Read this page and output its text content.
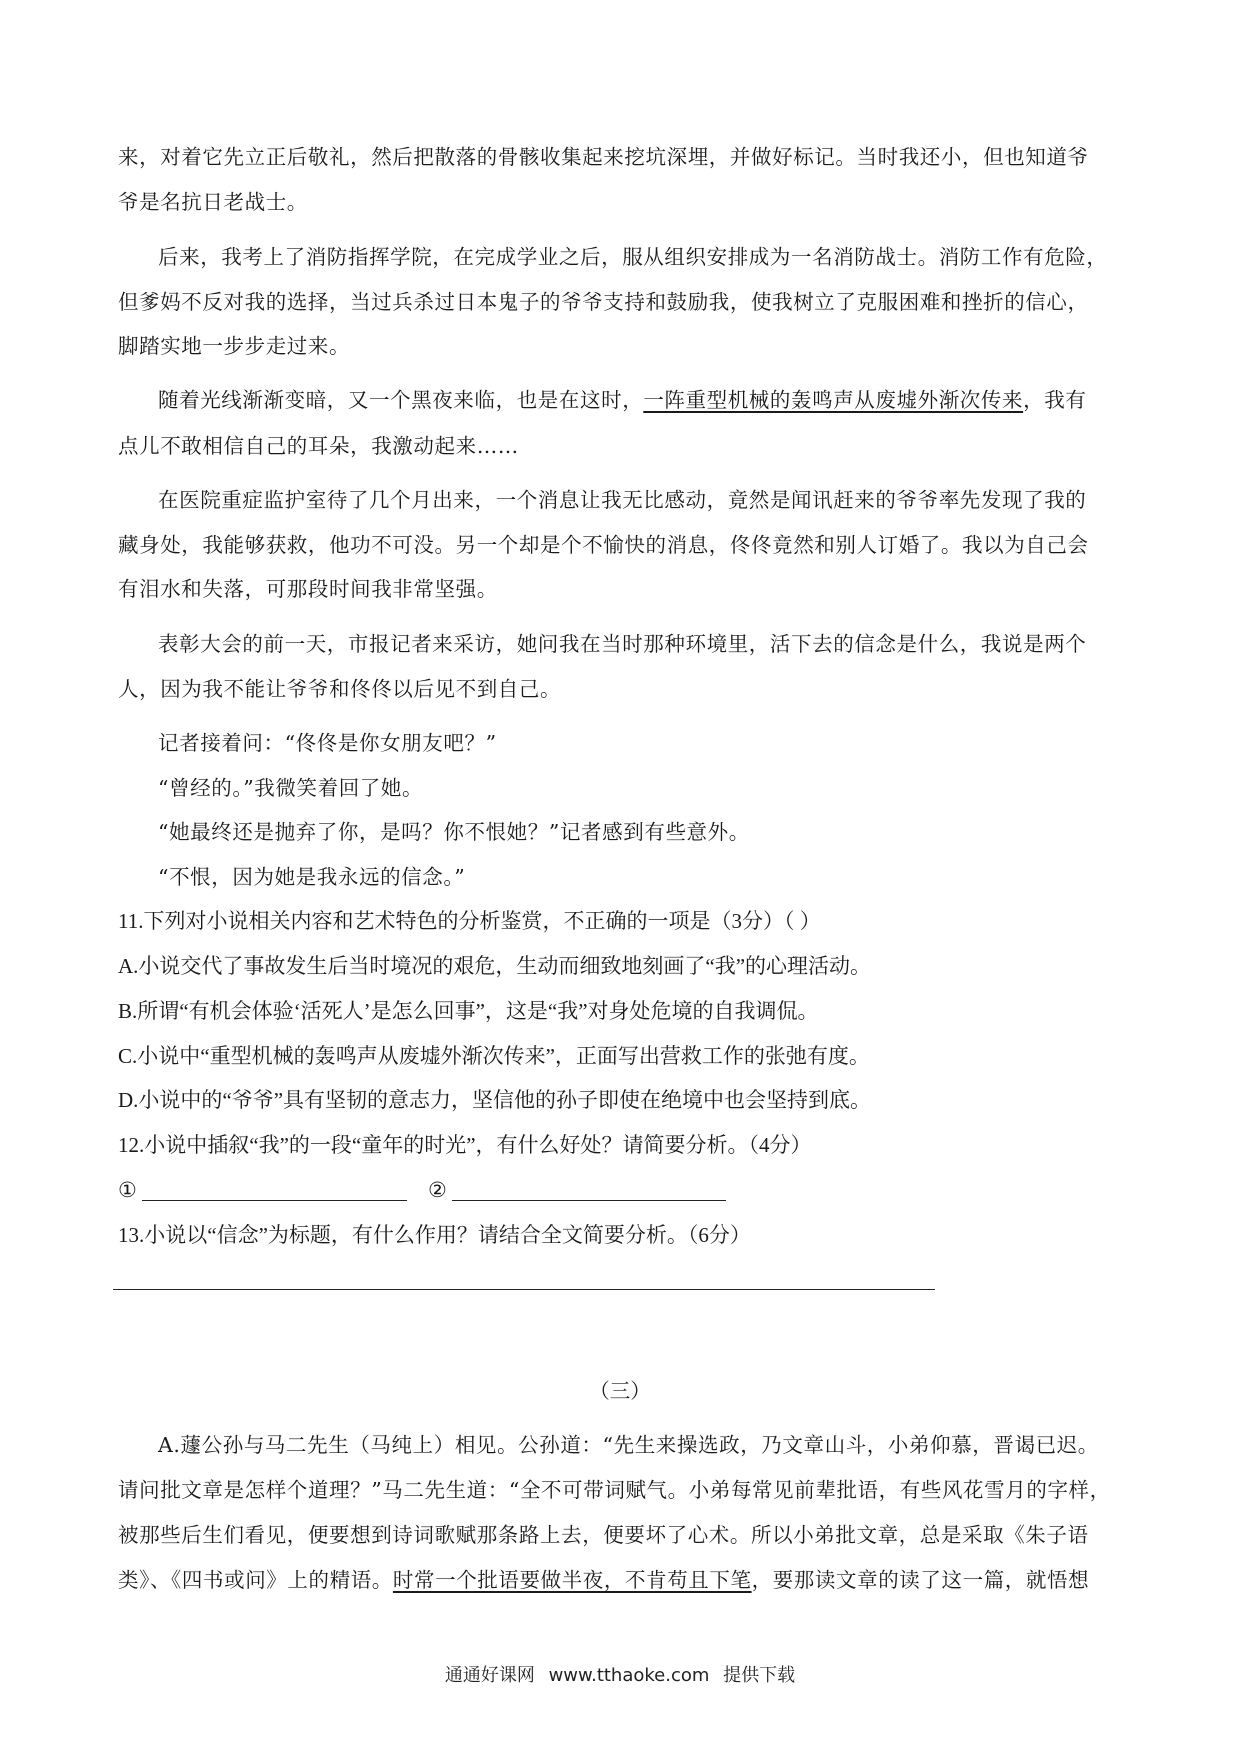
来，对着它先立正后敬礼，然后把散落的骨骸收集起来挖坑深埋，并做好标记。当时我还小，但也知道爷
爷是名抗日老战士。
后来，我考上了消防指挥学院，在完成学业之后，服从组织安排成为一名消防战士。消防工作有危险，
但爹妈不反对我的选择，当过兵杀过日本鬼子的爷爷支持和鼓励我，使我树立了克服困难和挫折的信心，
脚踏实地一步步走过来。
随着光线渐渐变暗，又一个黑夜来临，也是在这时，一阵重型机械的轰鸣声从废墟外渐次传来，我有
点儿不敢相信自己的耳朵，我激动起来……
在医院重症监护室待了几个月出来，一个消息让我无比感动，竟然是闻讯赶来的爷爷率先发现了我的
藏身处，我能够获救，他功不可没。另一个却是个不愉快的消息，佟佟竟然和别人订婚了。我以为自己会
有泪水和失落，可那段时间我非常坚强。
表彰大会的前一天，市报记者来采访，她问我在当时那种环境里，活下去的信念是什么，我说是两个
人，因为我不能让爷爷和佟佟以后见不到自己。
记者接着问：“佟佟是你女朋友吧？”
“曾经的。”我微笑着回了她。
“她最终还是抛弃了你，是吗？你不恨她？”记者感到有些意外。
“不恨，因为她是我永远的信念。”
11.下列对小说相关内容和艺术特色的分析鉴赏，不正确的一项是（3分）（ ）
A.小说交代了事故发生后当时境况的艰危，生动而细致地刻画了“我”的心理活动。
B.所谓“有机会体验‘活死人’是怎么回事”，这是“我”对身处危境的自我调侃。
C.小说中“重型机械的轰鸣声从废墟外渐次传来”，正面写出营救工作的张弛有度。
D.小说中的“爷爷”具有坚韧的意志力，坚信他的孙子即使在绝境中也会坚持到底。
12.小说中插叙“我”的一段“童年的时光”，有什么好处？请简要分析。（4分）
①	②
13.小说以“信念”为标题，有什么作用？请结合全文简要分析。（6分）
（三）
A.蘧公孙与马二先生（马纯上）相见。公孙道：“先生来操选政，乃文章山斗，小弟仰慕，晋谒已迟。
请问批文章是怎样个道理？”马二先生道：“全不可带词赋气。小弟每常见前辈批语，有些风花雪月的字样，
被那些后生们看见，便要想到诗词歌赋那条路上去，便要坏了心术。所以小弟批文章，总是采取《朱子语
类》、《四书或问》上的精语。时常一个批语要做半夜，不肯苟且下笔，要那读文章的读了这一篇，就悟想
通通好课网 www.tthaoke.com 提供下载
